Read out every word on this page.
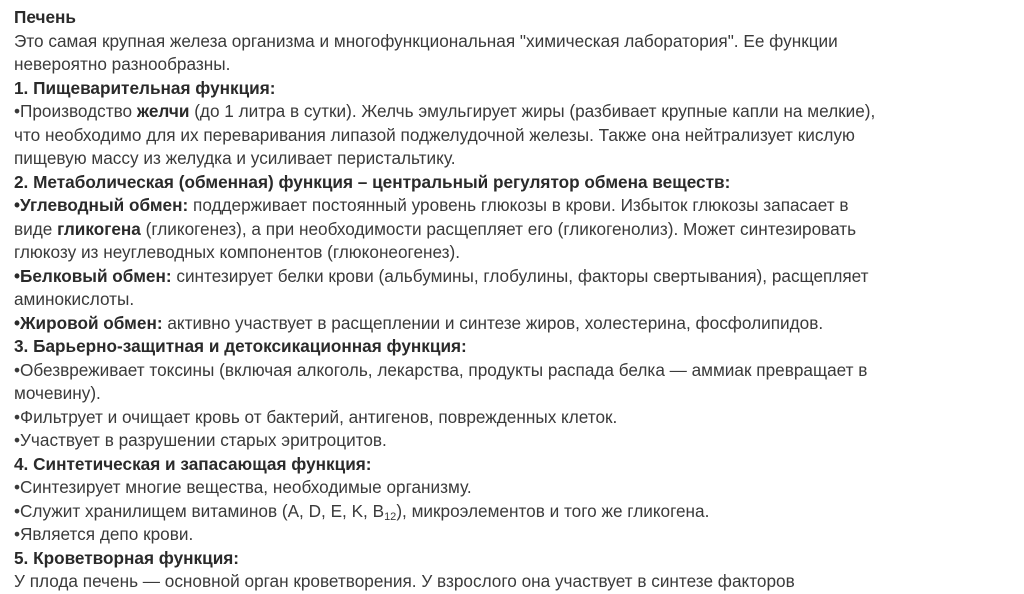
Печень
Это самая крупная железа организма и многофункциональная "химическая лаборатория". Ее функции
невероятно разнообразны.
1. Пищеварительная функция:
•Производство желчи (до 1 литра в сутки). Желчь эмульгирует жиры (разбивает крупные капли на мелкие),
что необходимо для их переваривания липазой поджелудочной железы. Также она нейтрализует кислую
пищевую массу из желудка и усиливает перистальтику.
2. Метаболическая (обменная) функция – центральный регулятор обмена веществ:
•Углеводный обмен: поддерживает постоянный уровень глюкозы в крови. Избыток глюкозы запасает в
виде гликогена (гликогенез), а при необходимости расщепляет его (гликогенолиз). Может синтезировать
глюкозу из неуглеводных компонентов (глюконеогенез).
•Белковый обмен: синтезирует белки крови (альбумины, глобулины, факторы свертывания), расщепляет
аминокислоты.
•Жировой обмен: активно участвует в расщеплении и синтезе жиров, холестерина, фосфолипидов.
3. Барьерно-защитная и детоксикационная функция:
•Обезвреживает токсины (включая алкоголь, лекарства, продукты распада белка — аммиак превращает в
мочевину).
•Фильтрует и очищает кровь от бактерий, антигенов, поврежденных клеток.
•Участвует в разрушении старых эритроцитов.
4. Синтетическая и запасающая функция:
•Синтезирует многие вещества, необходимые организму.
•Служит хранилищем витаминов (A, D, E, K, $B_{12}$), микроэлементов и того же гликогена.
•Является депо крови.
5. Кроветворная функция:
У плода печень — основной орган кроветворения. У взрослого она участвует в синтезе факторов
